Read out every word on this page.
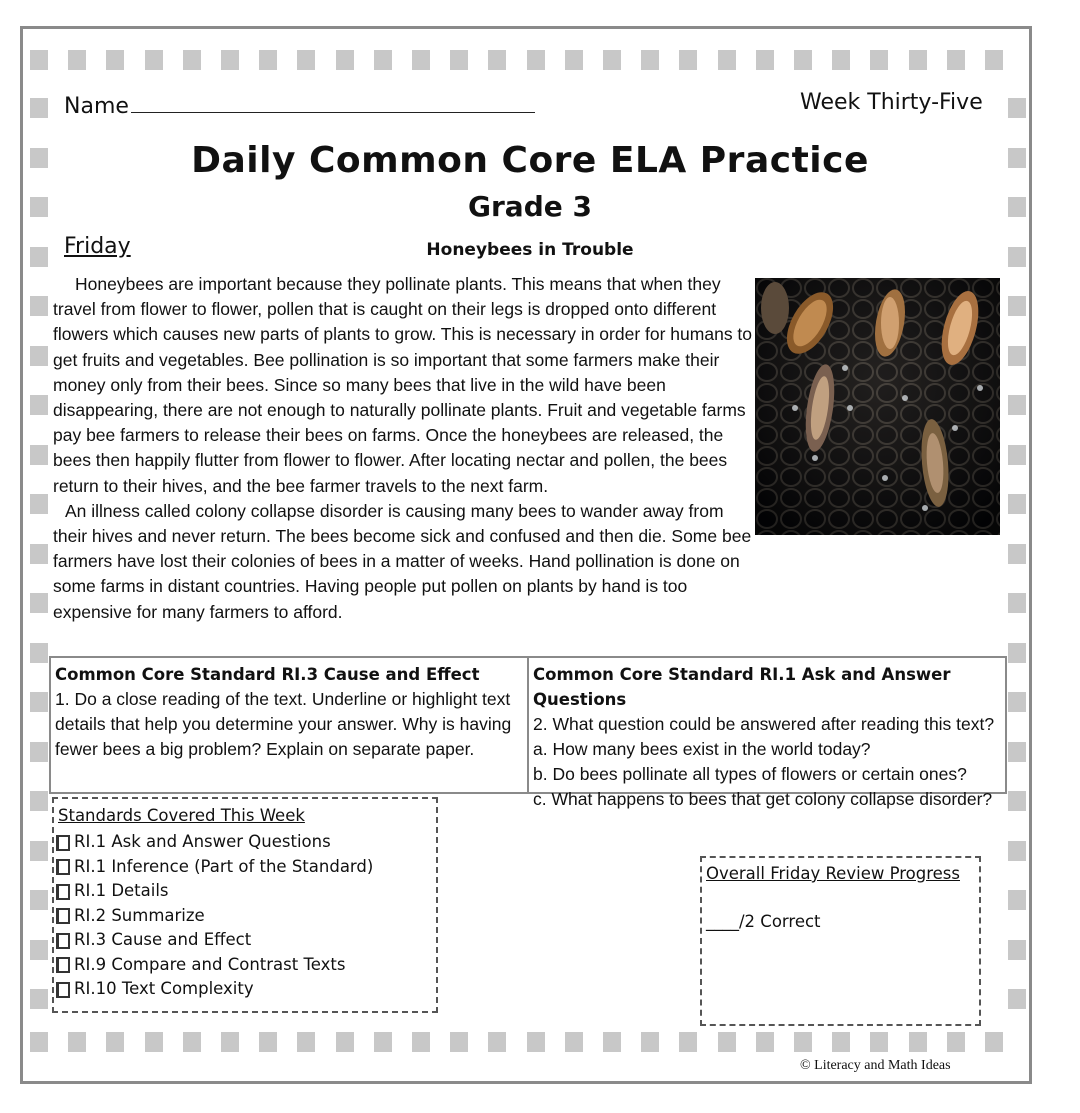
Name	Week Thirty-Five
Daily Common Core ELA Practice
Grade 3
Friday	Honeybees in Trouble

Honeybees are important because they pollinate plants. This means that when they travel from flower to flower, pollen that is caught on their legs is dropped onto different flowers which causes new parts of plants to grow. This is necessary in order for humans to get fruits and vegetables. Bee pollination is so important that some farmers make their money only from their bees. Since so many bees that live in the wild have been disappearing, there are not enough to naturally pollinate plants. Fruit and vegetable farms pay bee farmers to release their bees on farms. Once the honeybees are released, the bees then happily flutter from flower to flower. After locating nectar and pollen, the bees return to their hives, and the bee farmer travels to the next farm.

An illness called colony collapse disorder is causing many bees to wander away from their hives and never return. The bees become sick and confused and then die. Some bee farmers have lost their colonies of bees in a matter of weeks. Hand pollination is done on some farms in distant countries. Having people put pollen on plants by hand is too expensive for many farmers to afford.

Common Core Standard RI.3 Cause and Effect
1. Do a close reading of the text. Underline or highlight text details that help you determine your answer. Why is having fewer bees a big problem? Explain on separate paper.
Common Core Standard RI.1 Ask and Answer Questions
2. What question could be answered after reading this text?
a. How many bees exist in the world today?
b. Do bees pollinate all types of flowers or certain ones?
c. What happens to bees that get colony collapse disorder?
Standards Covered This Week
RI.1 Ask and Answer Questions
RI.1 Inference (Part of the Standard)
RI.1 Details
RI.2 Summarize
RI.3 Cause and Effect
RI.9 Compare and Contrast Texts
RI.10 Text Complexity
Overall Friday Review Progress
____/2 Correct
© Literacy and Math Ideas
